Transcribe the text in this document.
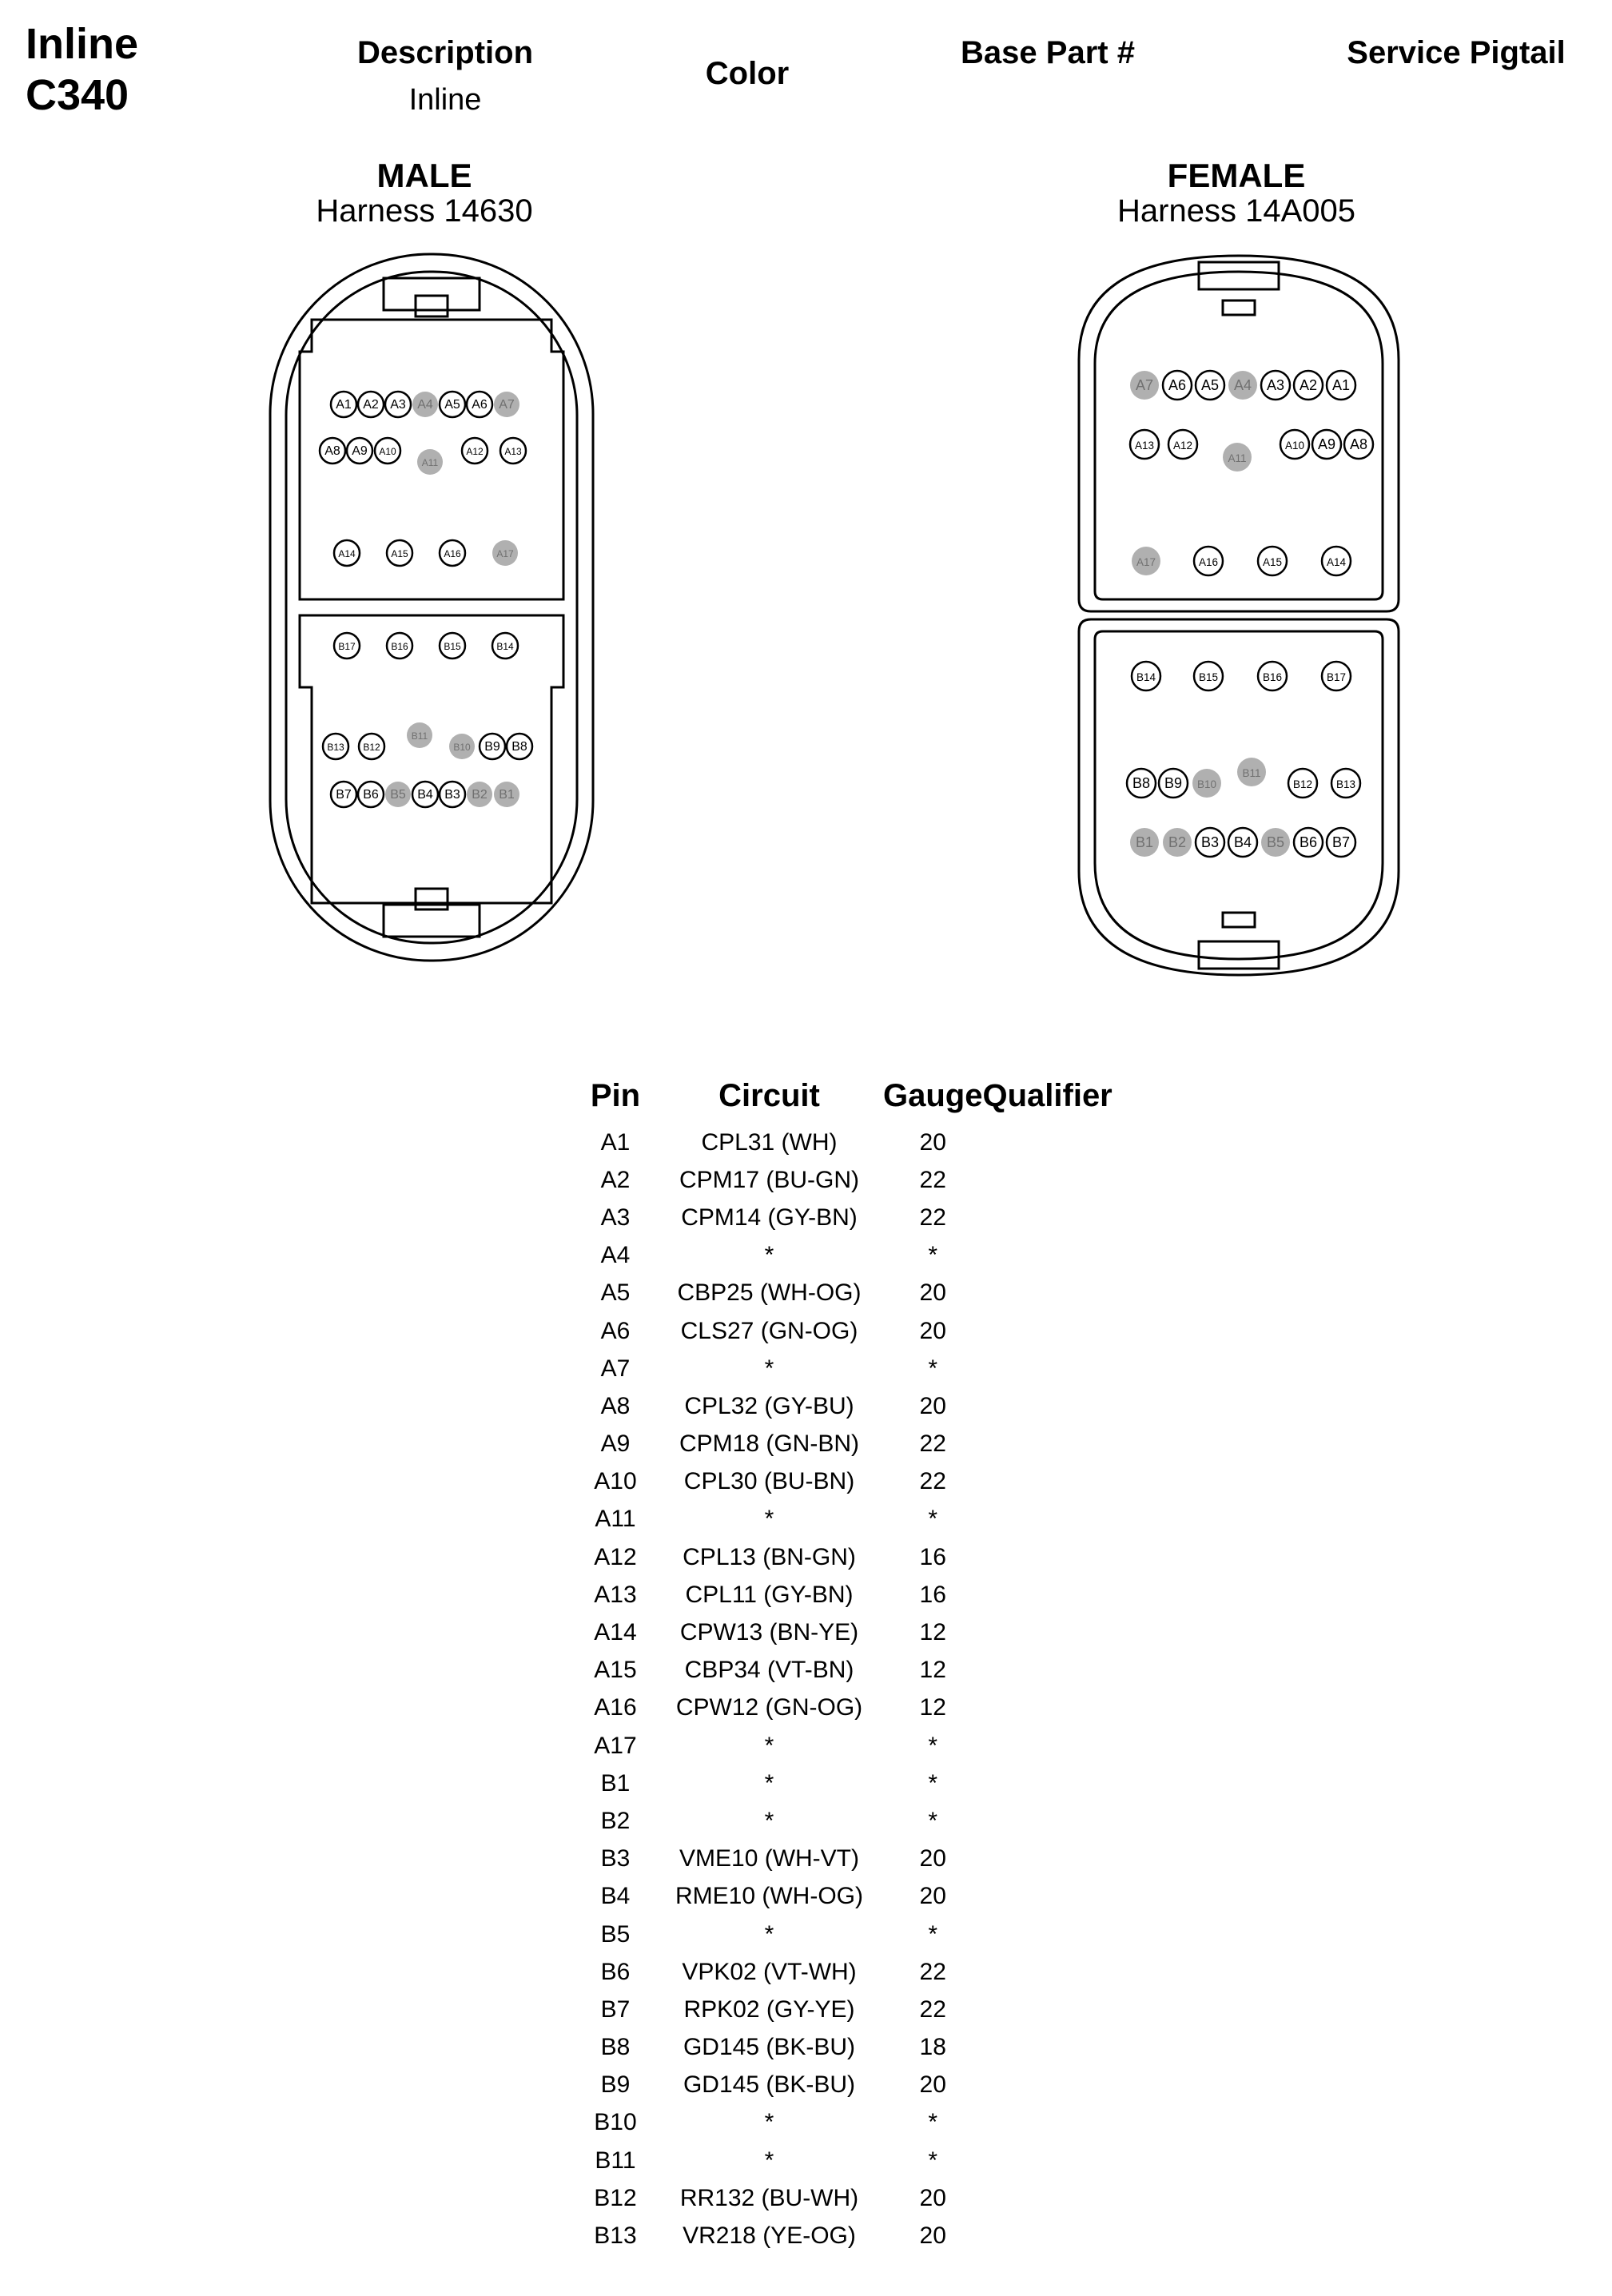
Inline
C340
Description
Inline
Color
Base Part #	Service Pigtail
MALE
Harness 14630
FEMALE
Harness 14A005
A1 A2 A3 A4 A5 A6 A7
A8 A9 A10
A11
A12 A13
A14	A15	A16	A17
B17	B16	B15	B14
B13 B12
B11
B10 B9 B8
B7 B6 B5 B4 B3 B2 B1
A7 A6 A5 A4 A3 A2 A1
A13 A12
A11
A10 A9 A8
A17	A16	A15	A14
B14	B15	B16	B17
B8 B9 B10
B11
B12 B13
B1 B2 B3 B4 B5 B6 B7
Pin	Circuit	Gauge	Qualifier
A1	CPL31 (WH)	20	
A2	CPM17 (BU-GN)	22	
A3	CPM14 (GY-BN)	22	
A4	*	*	
A5	CBP25 (WH-OG)	20	
A6	CLS27 (GN-OG)	20	
A7	*	*	
A8	CPL32 (GY-BU)	20	
A9	CPM18 (GN-BN)	22	
A10	CPL30 (BU-BN)	22	
A11	*	*	
A12	CPL13 (BN-GN)	16	
A13	CPL11 (GY-BN)	16	
A14	CPW13 (BN-YE)	12	
A15	CBP34 (VT-BN)	12	
A16	CPW12 (GN-OG)	12	
A17	*	*	
B1	*	*	
B2	*	*	
B3	VME10 (WH-VT)	20	
B4	RME10 (WH-OG)	20	
B5	*	*	
B6	VPK02 (VT-WH)	22	
B7	RPK02 (GY-YE)	22	
B8	GD145 (BK-BU)	18	
B9	GD145 (BK-BU)	20	
B10	*	*	
B11	*	*	
B12	RR132 (BU-WH)	20	
B13	VR218 (YE-OG)	20	
